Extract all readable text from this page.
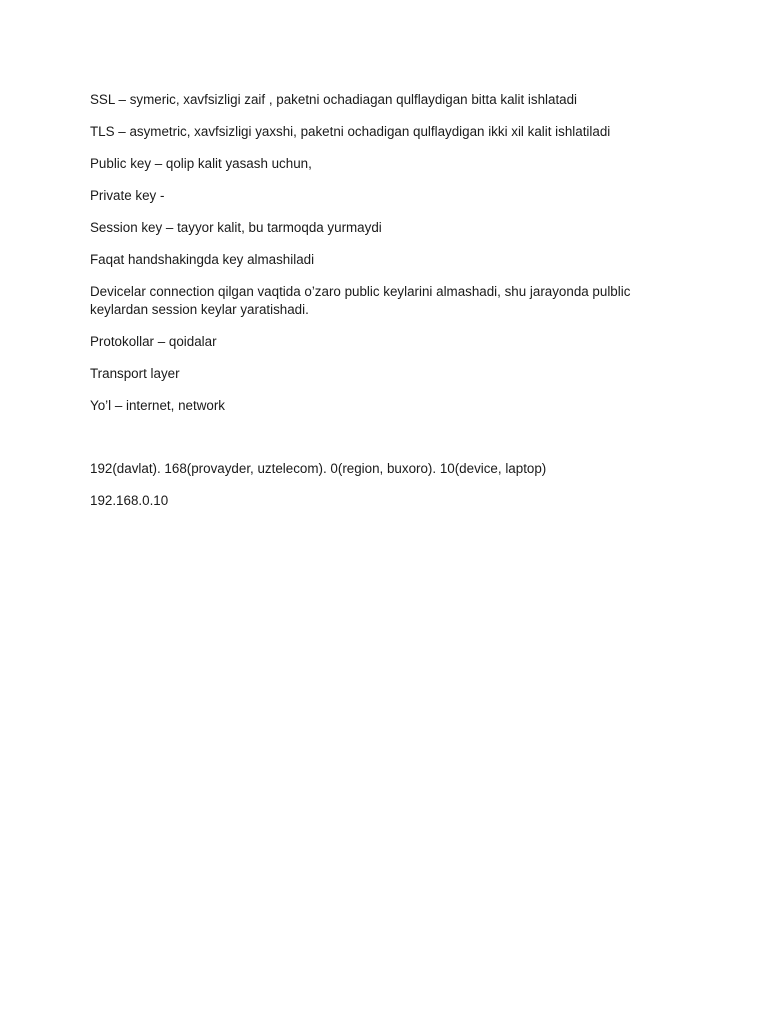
SSL – symeric, xavfsizligi zaif , paketni ochadiagan qulflaydigan bitta kalit ishlatadi

TLS – asymetric, xavfsizligi yaxshi, paketni ochadigan qulflaydigan ikki xil kalit ishlatiladi

Public key – qolip kalit yasash uchun,

Private key -

Session key – tayyor kalit, bu tarmoqda yurmaydi

Faqat handshakingda key almashiladi

Devicelar connection qilgan vaqtida o’zaro public keylarini almashadi, shu jarayonda pulblic keylardan session keylar yaratishadi.

Protokollar – qoidalar

Transport layer

Yo’l – internet, network

192(davlat). 168(provayder, uztelecom). 0(region, buxoro). 10(device, laptop)

192.168.0.10
